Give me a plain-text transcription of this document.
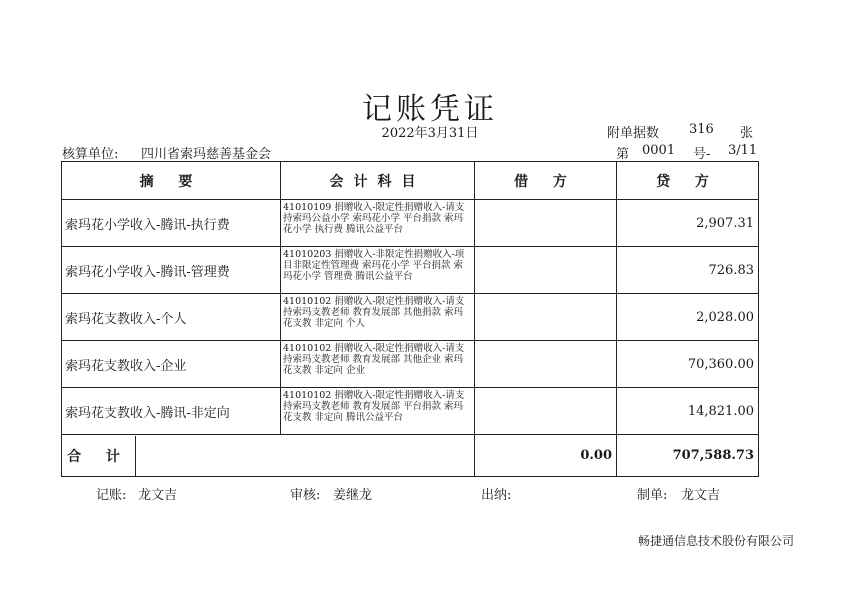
记账凭证
2022年3月31日	附单据数 316 张
核算单位: 四川省索玛慈善基金会	第 0001 号- 3/11
摘 要	会计科目	借 方	贷 方
索玛花小学收入-腾讯-执行费	41010109 捐赠收入-限定性捐赠收入-请支持索玛公益小学 索玛花小学 平台捐款 索玛花小学 执行费 腾讯公益平台		2,907.31
索玛花小学收入-腾讯-管理费	41010203 捐赠收入-非限定性捐赠收入-项目非限定性管理费 索玛花小学 平台捐款 索玛花小学 管理费 腾讯公益平台		726.83
索玛花支教收入-个人	41010102 捐赠收入-限定性捐赠收入-请支持索玛支教老师 教育发展部 其他捐款 索玛花支教 非定向 个人		2,028.00
索玛花支教收入-企业	41010102 捐赠收入-限定性捐赠收入-请支持索玛支教老师 教育发展部 其他企业 索玛花支教 非定向 企业		70,360.00
索玛花支教收入-腾讯-非定向	41010102 捐赠收入-限定性捐赠收入-请支持索玛支教老师 教育发展部 平台捐款 索玛花支教 非定向 腾讯公益平台		14,821.00

合 计		0.00	707,588.73
记账: 龙文吉	审核: 姜继龙	出纳:	制单: 龙文吉
畅捷通信息技术股份有限公司
